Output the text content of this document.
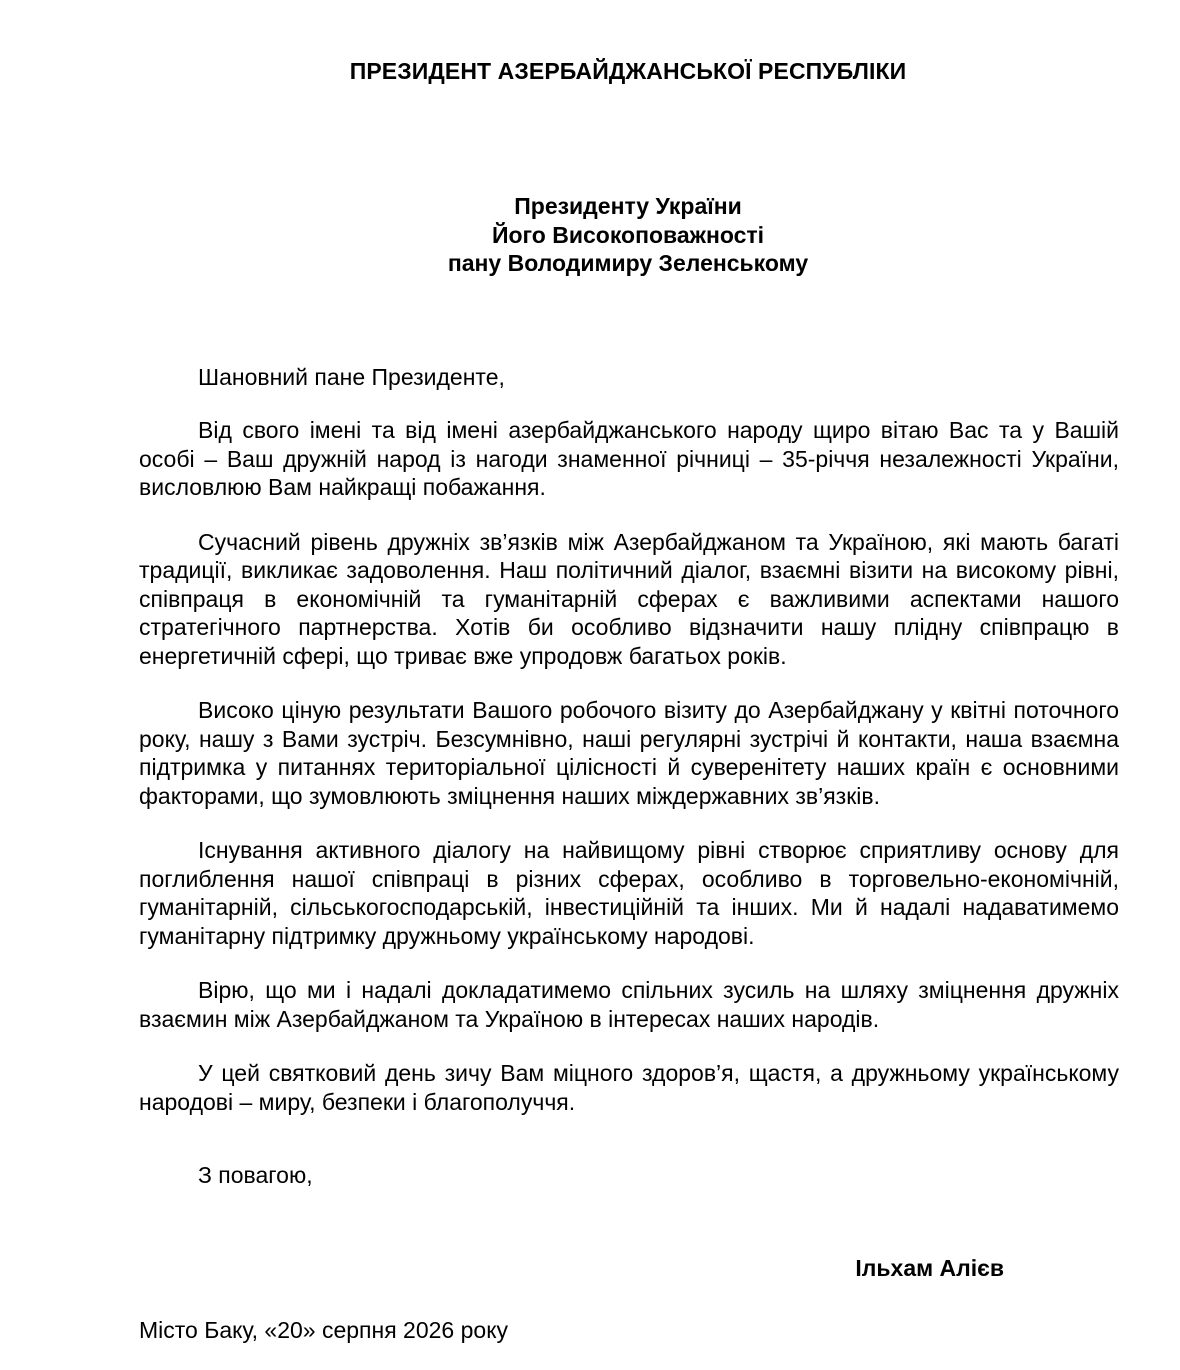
ПРЕЗИДЕНТ АЗЕРБАЙДЖАНСЬКОЇ РЕСПУБЛІКИ
Президенту України
Його Високоповажності
пану Володимиру Зеленському
Шановний пане Президенте,

Від свого імені та від імені азербайджанського народу щиро вітаю Вас та у Вашій особі – Ваш дружній народ із нагоди знаменної річниці – 35-річчя незалежності України, висловлюю Вам найкращі побажання.

Сучасний рівень дружніх зв’язків між Азербайджаном та Україною, які мають багаті традиції, викликає задоволення. Наш політичний діалог, взаємні візити на високому рівні, співпраця в економічній та гуманітарній сферах є важливими аспектами нашого стратегічного партнерства. Хотів би особливо відзначити нашу плідну співпрацю в енергетичній сфері, що триває вже упродовж багатьох років.

Високо ціную результати Вашого робочого візиту до Азербайджану у квітні поточного року, нашу з Вами зустріч. Безсумнівно, наші регулярні зустрічі й контакти, наша взаємна підтримка у питаннях територіальної цілісності й суверенітету наших країн є основними факторами, що зумовлюють зміцнення наших міждержавних зв’язків.

Існування активного діалогу на найвищому рівні створює сприятливу основу для поглиблення нашої співпраці в різних сферах, особливо в торговельно-економічній, гуманітарній, сільськогосподарській, інвестиційній та інших. Ми й надалі надаватимемо гуманітарну підтримку дружньому українському народові.

Вірю, що ми і надалі докладатимемо спільних зусиль на шляху зміцнення дружніх взаємин між Азербайджаном та Україною в інтересах наших народів.

У цей святковий день зичу Вам міцного здоров’я, щастя, а дружньому українському народові – миру, безпеки і благополуччя.

З повагою,
Ільхам Алієв
Місто Баку, «20» серпня 2026 року
